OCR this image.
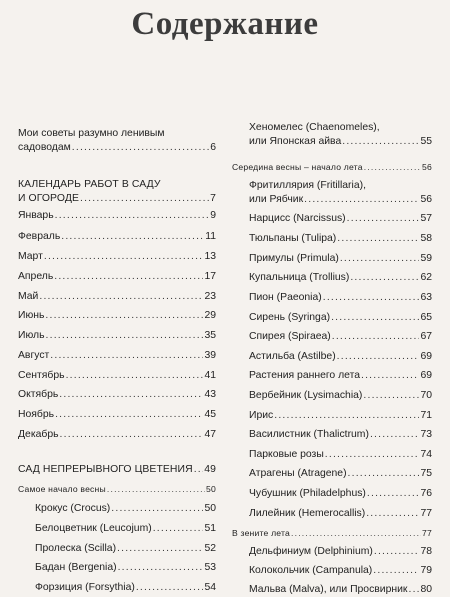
Содержание
Мои советы разумно ленивым
садоводам .....	6
КАЛЕНДАРЬ РАБОТ В САДУ
И ОГОРОДЕ .....	7
Январь .....	9
Февраль .....	11
Март .....	13
Апрель .....	17
Май .....	23
Июнь .....	29
Июль .....	35
Август .....	39
Сентябрь .....	41
Октябрь .....	43
Ноябрь .....	45
Декабрь .....	47
САД НЕПРЕРЫВНОГО ЦВЕТЕНИЯ ..... 49
Самое начало весны .....	50
Крокус (Crocus) .....	50
Белоцветник (Leucojum) .....	51
Пролеска (Scilla) .....	52
Бадан (Bergenia) .....	53
Форзиция (Forsythia) .....	54
Хеномелес (Chaenomeles),
или Японская айва .....	55
Середина весны – начало лета .....	56
Фритиллярия (Fritillaria),
или Рябчик .....	56
Нарцисс (Narcissus) .....	57
Тюльпаны (Tulipa) .....	58
Примулы (Primula) .....	59
Купальница (Trollius) .....	62
Пион (Paeonia) .....	63
Сирень (Syringa) .....	65
Спирея (Spiraea) .....	67
Астильба (Astilbe) .....	69
Растения раннего лета .....	69
Вербейник (Lysimachia) .....	70
Ирис .....	71
Василистник (Thalictrum) .....	73
Парковые розы .....	74
Атрагены (Atragene) .....	75
Чубушник (Philadelphus) .....	76
Лилейник (Hemerocallis) .....	77
В зените лета .....	77
Дельфиниум (Delphinium) .....	78
Колокольчик (Campanula) .....	79
Мальва (Malva), или Просвирник ..... 80
